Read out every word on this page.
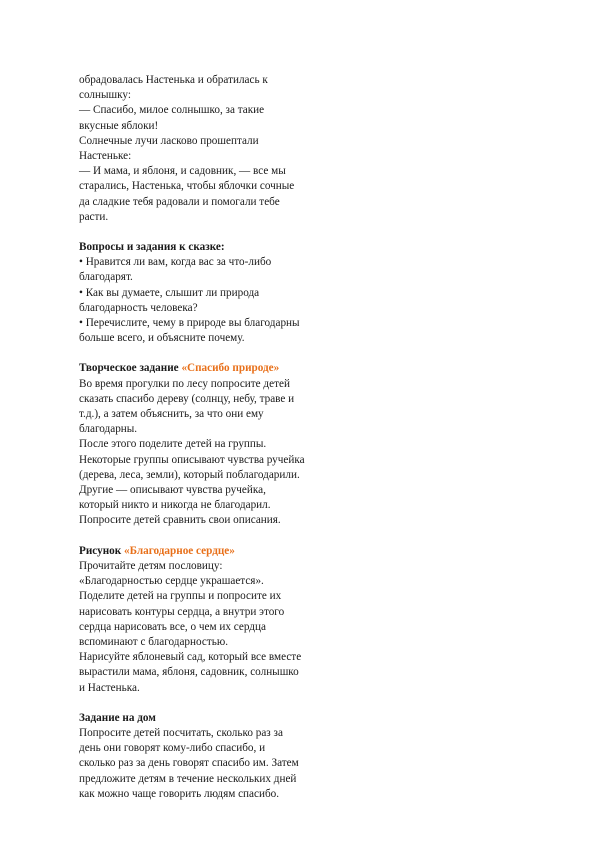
обрадовалась Настенька и обратилась к
солнышку:
— Спасибо, милое солнышко, за такие
вкусные яблоки!
Солнечные лучи ласково прошептали
Настеньке:
— И мама, и яблоня, и садовник, — все мы
старались, Настенька, чтобы яблочки сочные
да сладкие тебя радовали и помогали тебе
расти.
Вопросы и задания к сказке:
• Нравится ли вам, когда вас за что-либо
благодарят.
• Как вы думаете, слышит ли природа
благодарность человека?
• Перечислите, чему в природе вы благодарны
больше всего, и объясните почему.
Творческое задание «Спасибо природе»
Во время прогулки по лесу попросите детей
сказать спасибо дереву (солнцу, небу, траве и
т.д.), а затем объяснить, за что они ему
благодарны.
После этого поделите детей на группы.
Некоторые группы описывают чувства ручейка
(дерева, леса, земли), который поблагодарили.
Другие — описывают чувства ручейка,
который никто и никогда не благодарил.
Попросите детей сравнить свои описания.
Рисунок «Благодарное сердце»
Прочитайте детям пословицу:
«Благодарностью сердце украшается».
Поделите детей на группы и попросите их
нарисовать контуры сердца, а внутри этого
сердца нарисовать все, о чем их сердца
вспоминают с благодарностью.
Нарисуйте яблоневый сад, который все вместе
вырастили мама, яблоня, садовник, солнышко
и Настенька.
Задание на дом
Попросите детей посчитать, сколько раз за
день они говорят кому-либо спасибо, и
сколько раз за день говорят спасибо им. Затем
предложите детям в течение нескольких дней
как можно чаще говорить людям спасибо.
